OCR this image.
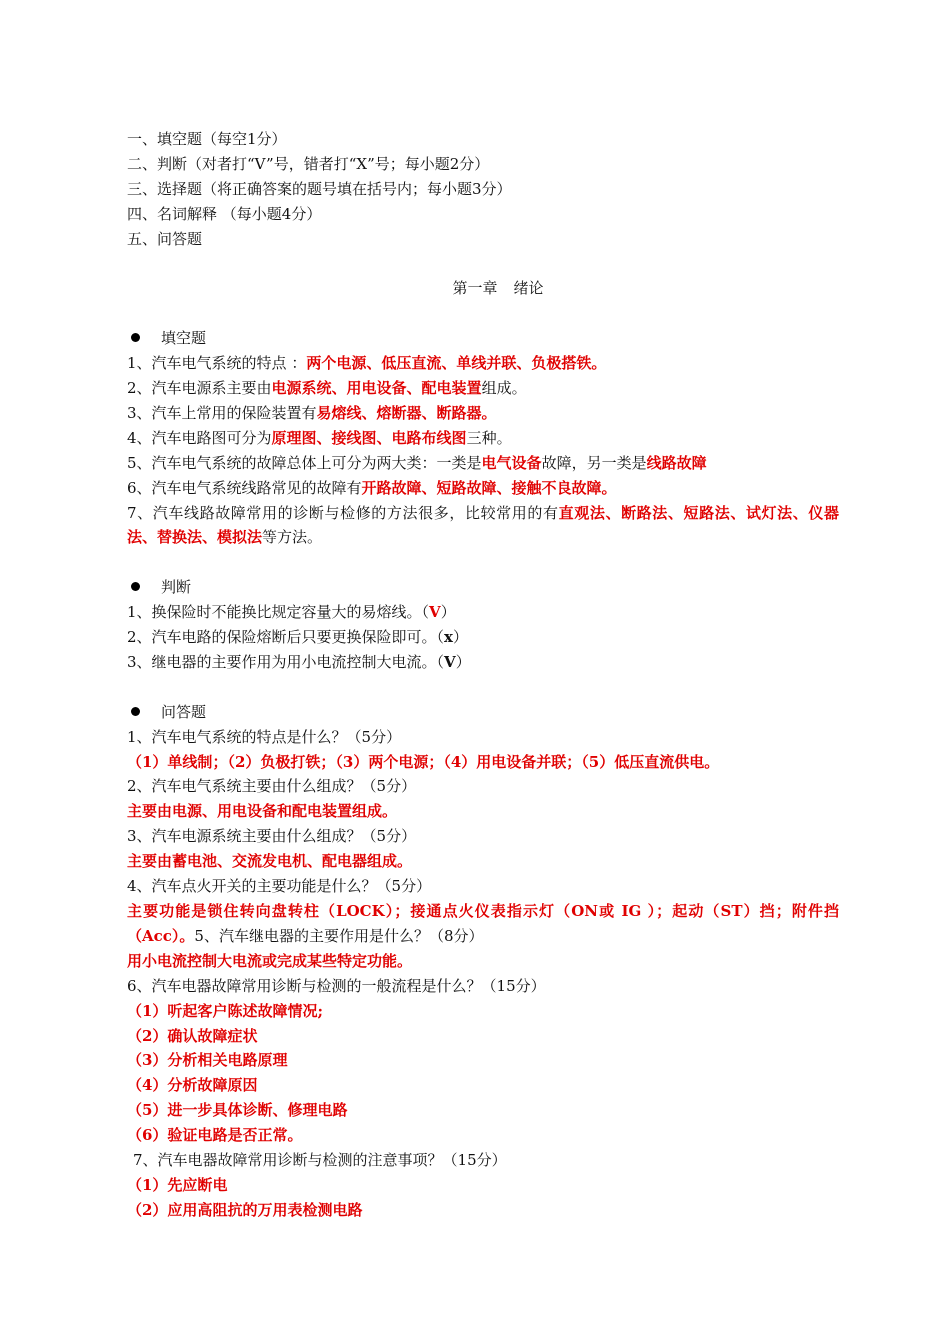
一、填空题（每空1分）
二、判断（对者打“V”号，错者打“X”号；每小题2分）
三、选择题（将正确答案的题号填在括号内；每小题3分）
四、名词解释 （每小题4分）
五、问答题
第一章 绪论
填空题
1、汽车电气系统的特点 ：两个电源、低压直流、单线并联、负极搭铁。
2、汽车电源系主要由电源系统、用电设备、配电装置组成。
3、汽车上常用的保险装置有易熔线、熔断器、断路器。
4、汽车电路图可分为原理图、接线图、电路布线图三种。
5、汽车电气系统的故障总体上可分为两大类：一类是电气设备故障，另一类是线路故障
6、汽车电气系统线路常见的故障有开路故障、短路故障、接触不良故障。
7、汽车线路故障常用的诊断与检修的方法很多，比较常用的有直观法、断路法、短路法、试灯法、仪器法、替换法、模拟法等方法。
判断
1、换保险时不能换比规定容量大的易熔线。（V）
2、汽车电路的保险熔断后只要更换保险即可。（x）
3、继电器的主要作用为用小电流控制大电流。（V）
问答题
1、汽车电气系统的特点是什么？（5分）
（1）单线制；（2）负极打铁；（3）两个电源；（4）用电设备并联；（5）低压直流供电。
2、汽车电气系统主要由什么组成？（5分）
主要由电源、用电设备和配电装置组成。
3、汽车电源系统主要由什么组成？（5分）
主要由蓄电池、交流发电机、配电器组成。
4、汽车点火开关的主要功能是什么？（5分）
主要功能是锁住转向盘转柱（LOCK）；接通点火仪表指示灯（ON或 IG ）；起动（ST）挡；附件挡（Acc）。5、汽车继电器的主要作用是什么？（8分）
用小电流控制大电流或完成某些特定功能。
6、汽车电器故障常用诊断与检测的一般流程是什么？（15分）
（1）听起客户陈述故障情况;
（2）确认故障症状
（3）分析相关电路原理
（4）分析故障原因
（5）进一步具体诊断、修理电路
（6）验证电路是否正常。
7、汽车电器故障常用诊断与检测的注意事项？（15分）
（1）先应断电
（2）应用高阻抗的万用表检测电路
